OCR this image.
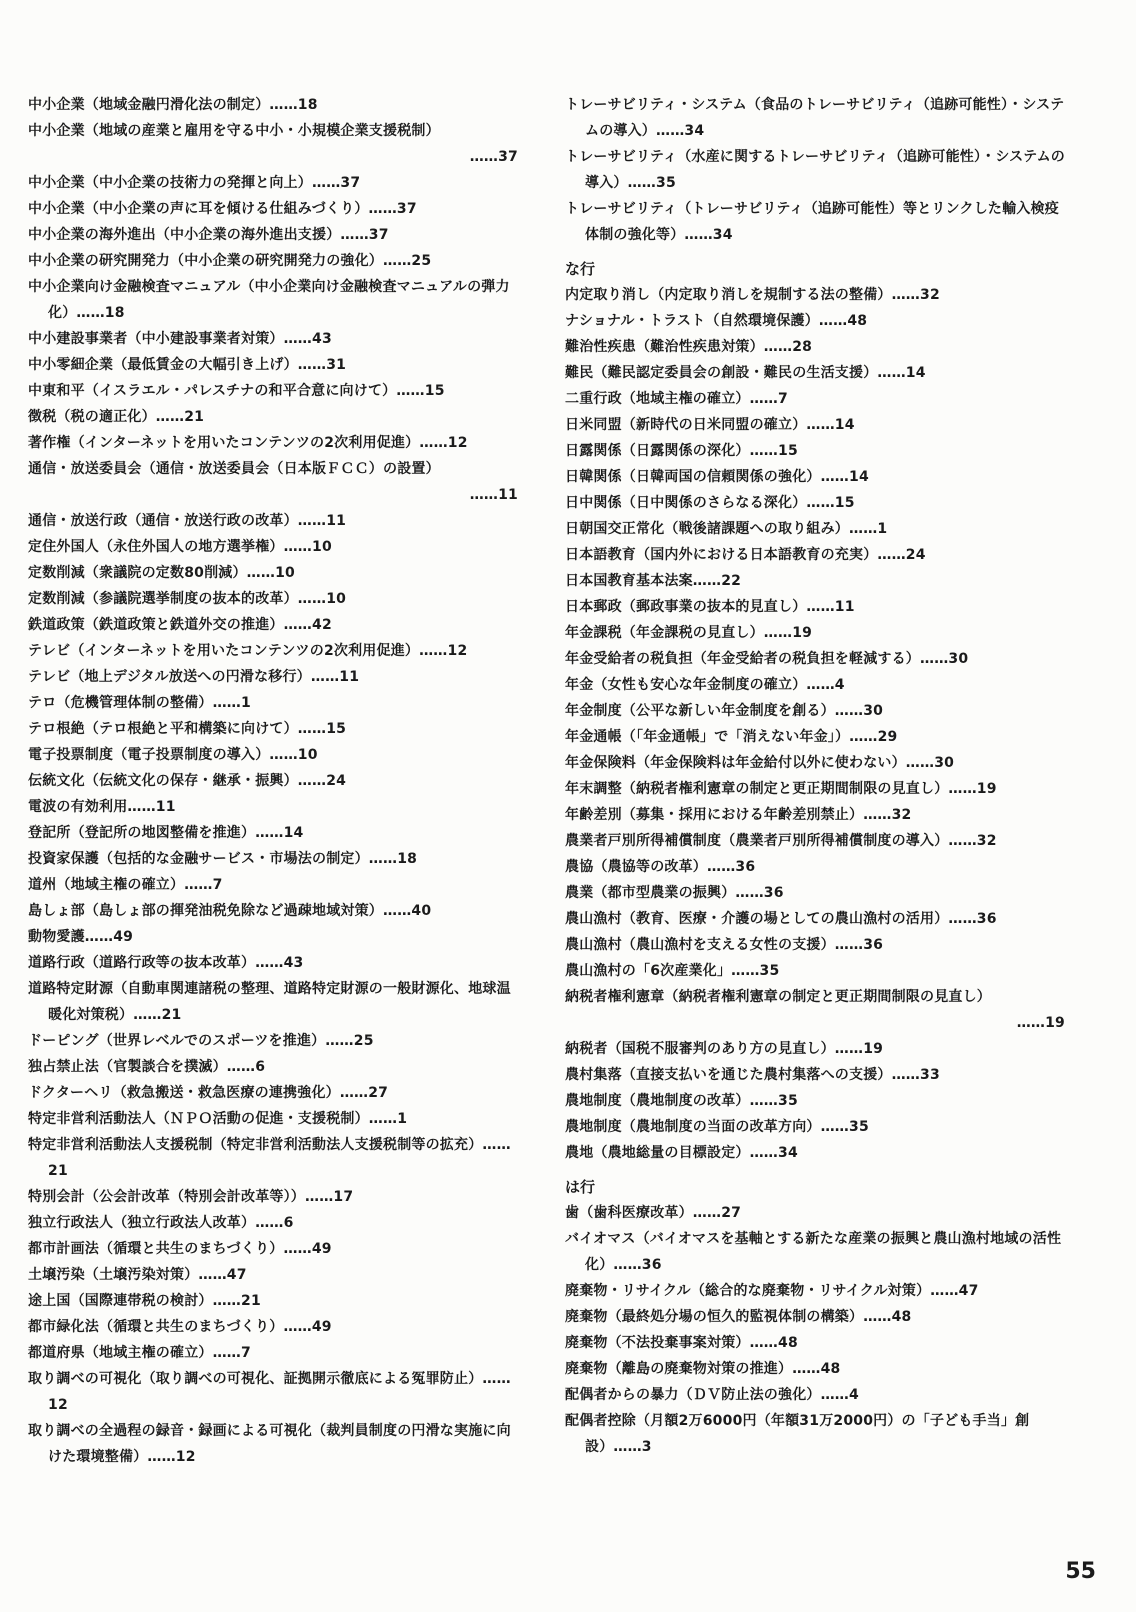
中小企業（地域金融円滑化法の制定）……18
中小企業（地域の産業と雇用を守る中小・小規模企業支援税制）
……37
中小企業（中小企業の技術力の発揮と向上）……37
中小企業（中小企業の声に耳を傾ける仕組みづくり）……37
中小企業の海外進出（中小企業の海外進出支援）……37
中小企業の研究開発力（中小企業の研究開発力の強化）……25
中小企業向け金融検査マニュアル（中小企業向け金融検査マニュアルの弾力化）……18
中小建設事業者（中小建設事業者対策）……43
中小零細企業（最低賃金の大幅引き上げ）……31
中東和平（イスラエル・パレスチナの和平合意に向けて）……15
徴税（税の適正化）……21
著作権（インターネットを用いたコンテンツの2次利用促進）……12
通信・放送委員会（通信・放送委員会（日本版ＦＣＣ）の設置）
……11
通信・放送行政（通信・放送行政の改革）……11
定住外国人（永住外国人の地方選挙権）……10
定数削減（衆議院の定数80削減）……10
定数削減（参議院選挙制度の抜本的改革）……10
鉄道政策（鉄道政策と鉄道外交の推進）……42
テレビ（インターネットを用いたコンテンツの2次利用促進）……12
テレビ（地上デジタル放送への円滑な移行）……11
テロ（危機管理体制の整備）……1
テロ根絶（テロ根絶と平和構築に向けて）……15
電子投票制度（電子投票制度の導入）……10
伝統文化（伝統文化の保存・継承・振興）……24
電波の有効利用……11
登記所（登記所の地図整備を推進）……14
投資家保護（包括的な金融サービス・市場法の制定）……18
道州（地域主権の確立）……7
島しょ部（島しょ部の揮発油税免除など過疎地域対策）……40
動物愛護……49
道路行政（道路行政等の抜本改革）……43
道路特定財源（自動車関連諸税の整理、道路特定財源の一般財源化、地球温暖化対策税）……21
ドーピング（世界レベルでのスポーツを推進）……25
独占禁止法（官製談合を撲滅）……6
ドクターヘリ（救急搬送・救急医療の連携強化）……27
特定非営利活動法人（ＮＰＯ活動の促進・支援税制）……1
特定非営利活動法人支援税制（特定非営利活動法人支援税制等の拡充）……21
特別会計（公会計改革（特別会計改革等））……17
独立行政法人（独立行政法人改革）……6
都市計画法（循環と共生のまちづくり）……49
土壌汚染（土壌汚染対策）……47
途上国（国際連帯税の検討）……21
都市緑化法（循環と共生のまちづくり）……49
都道府県（地域主権の確立）……7
取り調べの可視化（取り調べの可視化、証拠開示徹底による冤罪防止）……12
取り調べの全過程の録音・録画による可視化（裁判員制度の円滑な実施に向けた環境整備）……12
トレーサビリティ・システム（食品のトレーサビリティ（追跡可能性）・システムの導入）……34
トレーサビリティ（水産に関するトレーサビリティ（追跡可能性）・システムの導入）……35
トレーサビリティ（トレーサビリティ（追跡可能性）等とリンクした輸入検疫体制の強化等）……34
な行
内定取り消し（内定取り消しを規制する法の整備）……32
ナショナル・トラスト（自然環境保護）……48
難治性疾患（難治性疾患対策）……28
難民（難民認定委員会の創設・難民の生活支援）……14
二重行政（地域主権の確立）……7
日米同盟（新時代の日米同盟の確立）……14
日露関係（日露関係の深化）……15
日韓関係（日韓両国の信頼関係の強化）……14
日中関係（日中関係のさらなる深化）……15
日朝国交正常化（戦後諸課題への取り組み）……1
日本語教育（国内外における日本語教育の充実）……24
日本国教育基本法案……22
日本郵政（郵政事業の抜本的見直し）……11
年金課税（年金課税の見直し）……19
年金受給者の税負担（年金受給者の税負担を軽減する）……30
年金（女性も安心な年金制度の確立）……4
年金制度（公平な新しい年金制度を創る）……30
年金通帳（「年金通帳」で「消えない年金」）……29
年金保険料（年金保険料は年金給付以外に使わない）……30
年末調整（納税者権利憲章の制定と更正期間制限の見直し）……19
年齢差別（募集・採用における年齢差別禁止）……32
農業者戸別所得補償制度（農業者戸別所得補償制度の導入）……32
農協（農協等の改革）……36
農業（都市型農業の振興）……36
農山漁村（教育、医療・介護の場としての農山漁村の活用）……36
農山漁村（農山漁村を支える女性の支援）……36
農山漁村の「6次産業化」……35
納税者権利憲章（納税者権利憲章の制定と更正期間制限の見直し）
……19
納税者（国税不服審判のあり方の見直し）……19
農村集落（直接支払いを通じた農村集落への支援）……33
農地制度（農地制度の改革）……35
農地制度（農地制度の当面の改革方向）……35
農地（農地総量の目標設定）……34
は行
歯（歯科医療改革）……27
バイオマス（バイオマスを基軸とする新たな産業の振興と農山漁村地域の活性化）……36
廃棄物・リサイクル（総合的な廃棄物・リサイクル対策）……47
廃棄物（最終処分場の恒久的監視体制の構築）……48
廃棄物（不法投棄事案対策）……48
廃棄物（離島の廃棄物対策の推進）……48
配偶者からの暴力（ＤＶ防止法の強化）……4
配偶者控除（月額2万6000円（年額31万2000円）の「子ども手当」創設）……3
55
